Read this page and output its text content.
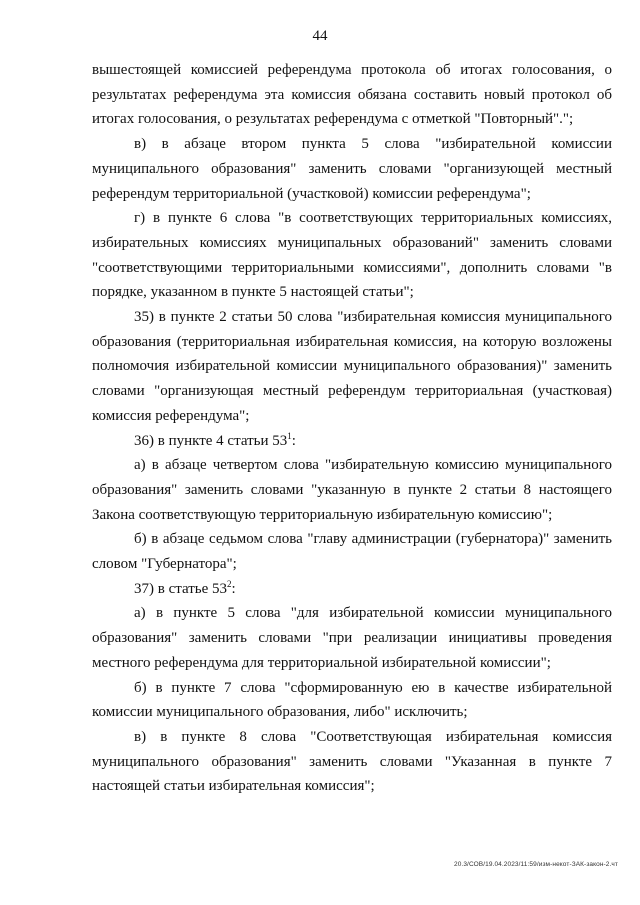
44

вышестоящей комиссией референдума протокола об итогах голосования, о результатах референдума эта комиссия обязана составить новый протокол об итогах голосования, о результатах референдума с отметкой "Повторный".";

в) в абзаце втором пункта 5 слова "избирательной комиссии муниципального образования" заменить словами "организующей местный референдум территориальной (участковой) комиссии референдума";

г) в пункте 6 слова "в соответствующих территориальных комиссиях, избирательных комиссиях муниципальных образований" заменить словами "соответствующими территориальными комиссиями", дополнить словами "в порядке, указанном в пункте 5 настоящей статьи";

35) в пункте 2 статьи 50 слова "избирательная комиссия муниципального образования (территориальная избирательная комиссия, на которую возложены полномочия избирательной комиссии муниципального образования)" заменить словами "организующая местный референдум территориальная (участковая) комиссия референдума";

36) в пункте 4 статьи $53^1$:

а) в абзаце четвертом слова "избирательную комиссию муниципального образования" заменить словами "указанную в пункте 2 статьи 8 настоящего Закона соответствующую территориальную избирательную комиссию";

б) в абзаце седьмом слова "главу администрации (губернатора)" заменить словом "Губернатора";

37) в статье $53^2$:

а) в пункте 5 слова "для избирательной комиссии муниципального образования" заменить словами "при реализации инициативы проведения местного референдума для территориальной избирательной комиссии";

б) в пункте 7 слова "сформированную ею в качестве избирательной комиссии муниципального образования, либо" исключить;

в) в пункте 8 слова "Соответствующая избирательная комиссия муниципального образования" заменить словами "Указанная в пункте 7 настоящей статьи избирательная комиссия";

20.3/СОВ/19.04.2023/11:59/изм-некот-ЗАК-закон-2.чт
